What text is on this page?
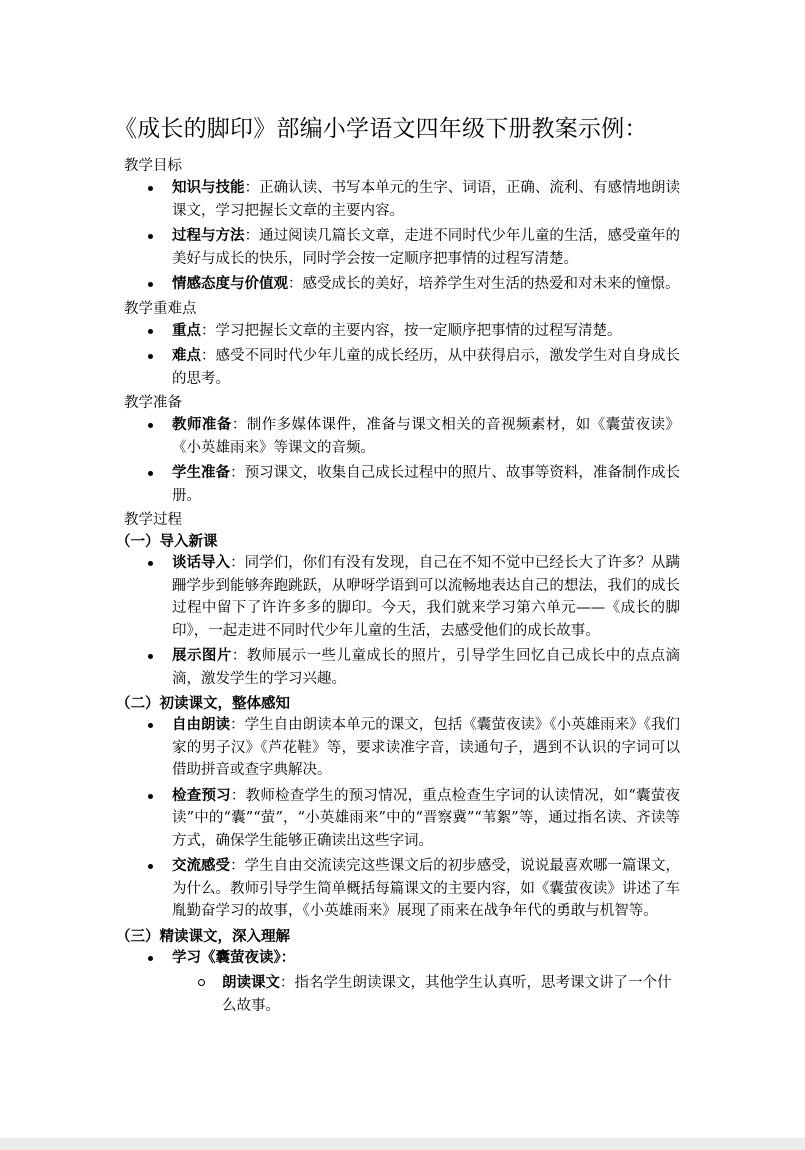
《成长的脚印》部编小学语文四年级下册教案示例：

教学目标

知识与技能：正确认读、书写本单元的生字、词语，正确、流利、有感情地朗读课文，学习把握长文章的主要内容。
过程与方法：通过阅读几篇长文章，走进不同时代少年儿童的生活，感受童年的美好与成长的快乐，同时学会按一定顺序把事情的过程写清楚。
情感态度与价值观：感受成长的美好，培养学生对生活的热爱和对未来的憧憬。

教学重难点

重点：学习把握长文章的主要内容，按一定顺序把事情的过程写清楚。
难点：感受不同时代少年儿童的成长经历，从中获得启示，激发学生对自身成长的思考。

教学准备

教师准备：制作多媒体课件，准备与课文相关的音视频素材，如《囊萤夜读》《小英雄雨来》等课文的音频。
学生准备：预习课文，收集自己成长过程中的照片、故事等资料，准备制作成长册。

教学过程

（一）导入新课

谈话导入：同学们，你们有没有发现，自己在不知不觉中已经长大了许多？从蹒跚学步到能够奔跑跳跃，从咿呀学语到可以流畅地表达自己的想法，我们的成长过程中留下了许许多多的脚印。今天，我们就来学习第六单元——《成长的脚印》，一起走进不同时代少年儿童的生活，去感受他们的成长故事。
展示图片：教师展示一些儿童成长的照片，引导学生回忆自己成长中的点点滴滴，激发学生的学习兴趣。

（二）初读课文，整体感知

自由朗读：学生自由朗读本单元的课文，包括《囊萤夜读》《小英雄雨来》《我们家的男子汉》《芦花鞋》等，要求读准字音，读通句子，遇到不认识的字词可以借助拼音或查字典解决。
检查预习：教师检查学生的预习情况，重点检查生字词的认读情况，如“囊萤夜读”中的“囊”“萤”，“小英雄雨来”中的“晋察冀”“苇絮”等，通过指名读、齐读等方式，确保学生能够正确读出这些字词。
交流感受：学生自由交流读完这些课文后的初步感受，说说最喜欢哪一篇课文，为什么。教师引导学生简单概括每篇课文的主要内容，如《囊萤夜读》讲述了车胤勤奋学习的故事，《小英雄雨来》展现了雨来在战争年代的勇敢与机智等。

（三）精读课文，深入理解

学习《囊萤夜读》：
朗读课文：指名学生朗读课文，其他学生认真听，思考课文讲了一个什么故事。
